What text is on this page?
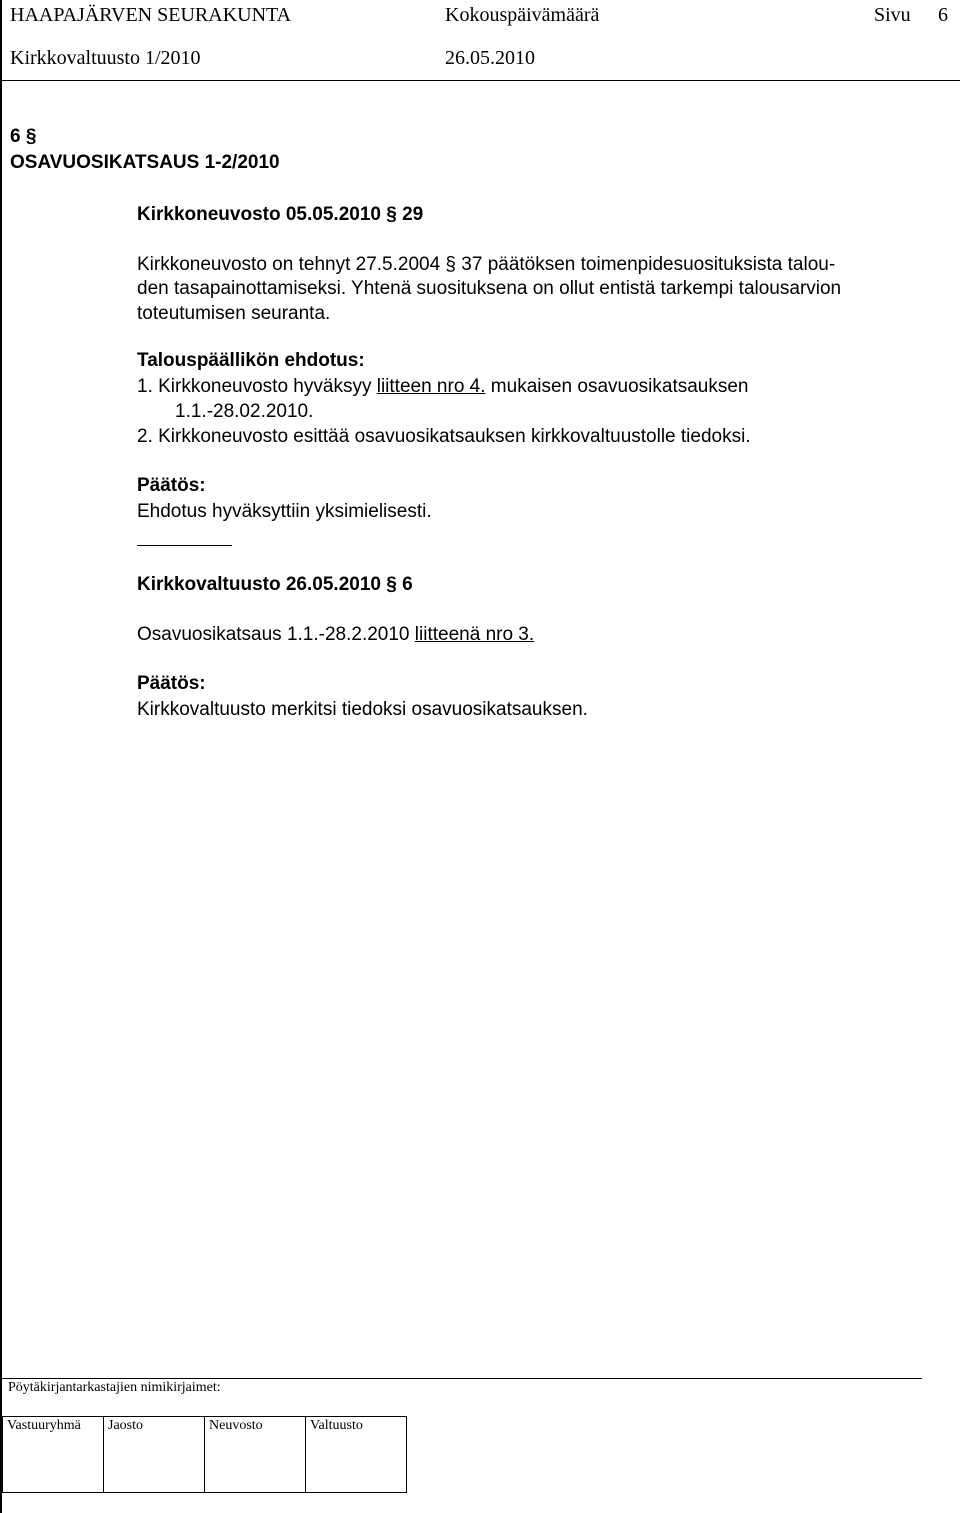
HAAPAJÄRVEN SEURAKUNTA	Kokouspäivämäärä	Sivu 6
Kirkkovaltuusto 1/2010	26.05.2010
6 §
OSAVUOSIKATSAUS 1-2/2010
Kirkkoneuvosto 05.05.2010 § 29
Kirkkoneuvosto on tehnyt 27.5.2004 § 37 päätöksen toimenpidesuosituksista talou-
den tasapainottamiseksi. Yhtenä suosituksena on ollut entistä tarkempi talousarvion
toteutumisen seuranta.
Talouspäällikön ehdotus:
1. Kirkkoneuvosto hyväksyy liitteen nro 4. mukaisen osavuosikatsauksen
1.1.-28.02.2010.
2. Kirkkoneuvosto esittää osavuosikatsauksen kirkkovaltuustolle tiedoksi.
Päätös:
Ehdotus hyväksyttiin yksimielisesti.
Kirkkovaltuusto 26.05.2010 § 6
Osavuosikatsaus 1.1.-28.2.2010 liitteenä nro 3.
Päätös:
Kirkkovaltuusto merkitsi tiedoksi osavuosikatsauksen.
Pöytäkirjantarkastajien nimikirjaimet:
Vastuuryhmä	Jaosto	Neuvosto	Valtuusto
